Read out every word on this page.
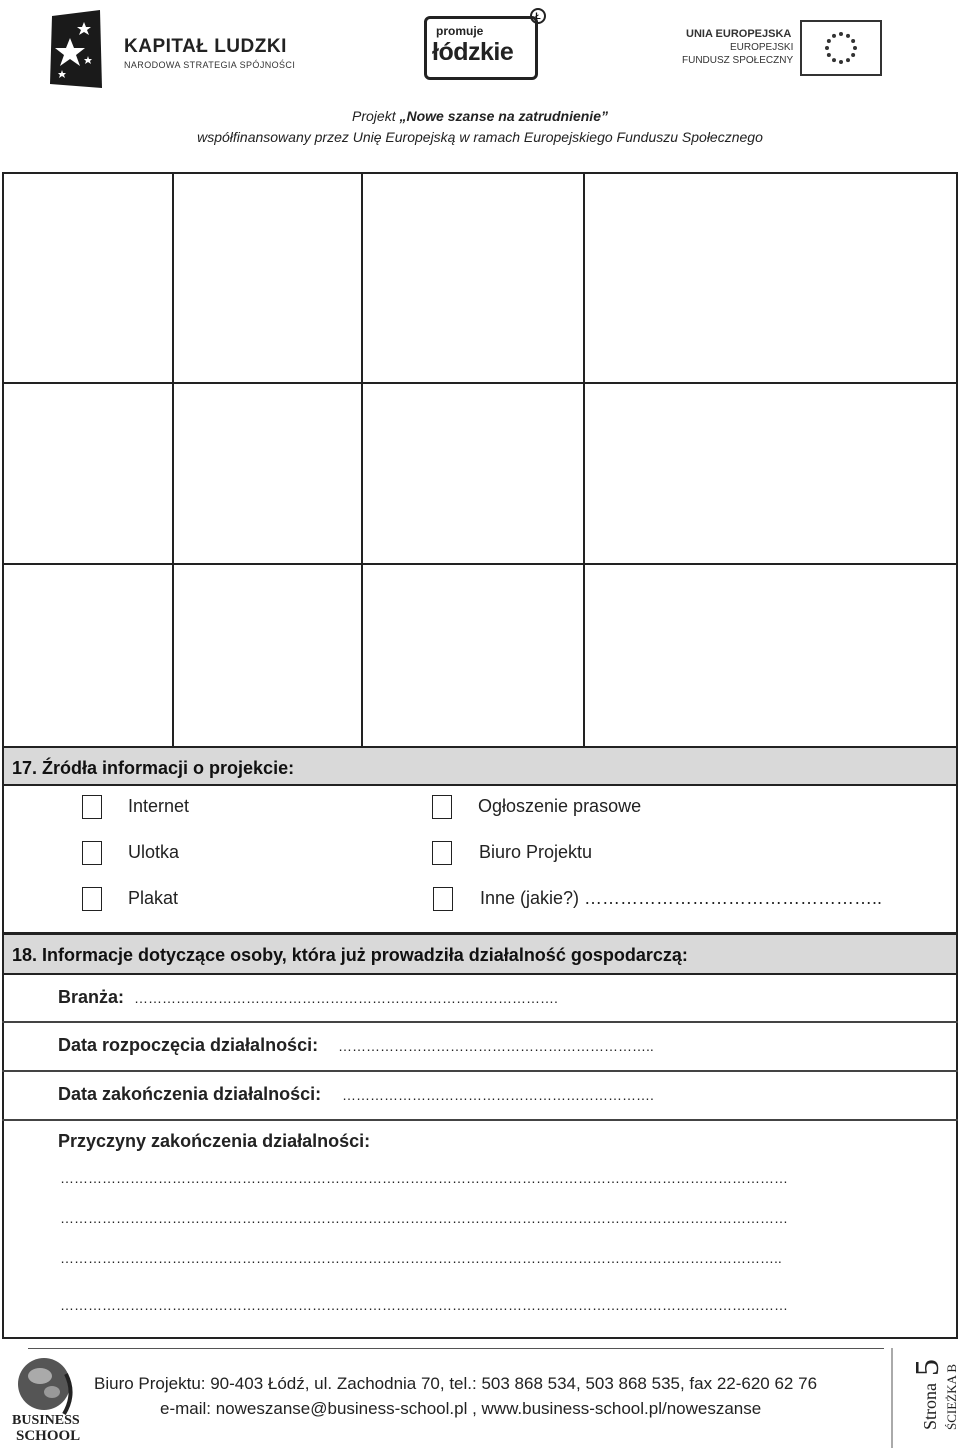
KAPITAŁ LUDZKI
NARODOWA STRATEGIA SPÓJNOŚCI
promuje
łódzkie
Ł
UNIA EUROPEJSKA
EUROPEJSKI
FUNDUSZ SPOŁECZNY
Projekt „Nowe szanse na zatrudnienie”
współfinansowany przez Unię Europejską w ramach Europejskiego Funduszu Społecznego
17. Źródła informacji o projekcie:
Internet
Ulotka
Plakat
Ogłoszenie prasowe
Biuro Projektu
Inne (jakie?) …………………………………………..
18. Informacje dotyczące osoby, która już prowadziła działalność gospodarczą:
Branża: ……………………………………………………………………………….
Data rozpoczęcia działalności: …………………………………………………………..
Data zakończenia działalności: ………………………………………………………….
Przyczyny zakończenia działalności:
…………………………………………………………………………………………………………………………………………
…………………………………………………………………………………………………………………………………………
………………………………………………………………………………………………………………………………………..
…………………………………………………………………………………………………………………………………………
BUSINESS
SCHOOL
Biuro Projektu: 90-403 Łódź, ul. Zachodnia 70, tel.: 503 868 534, 503 868 535, fax 22-620 62 76
e-mail: noweszanse@business-school.pl , www.business-school.pl/noweszanse	Strona
5
ŚCIEŻKA B
